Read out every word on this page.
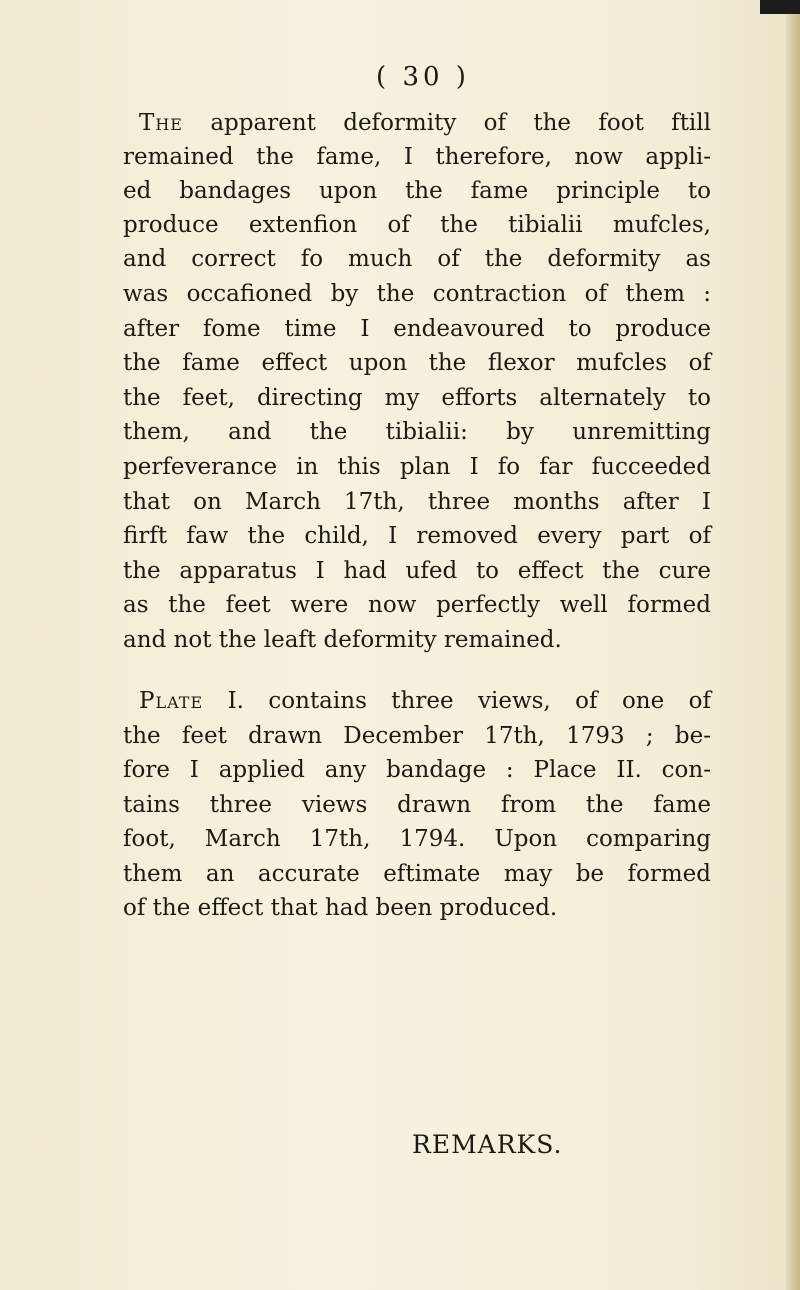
( 30 )
The apparent deformity of the foot ftill
remained the fame, I therefore, now appli-
ed bandages upon the fame principle to
produce extenfion of the tibialii mufcles,
and correct fo much of the deformity as
was occafioned by the contraction of them :
after fome time I endeavoured to produce
the fame effect upon the flexor mufcles of
the feet, directing my efforts alternately to
them, and the tibialii: by unremitting
perfeverance in this plan I fo far fucceeded
that on March 17th, three months after I
firft faw the child, I removed every part of
the apparatus I had ufed to effect the cure
as the feet were now perfectly well formed
and not the leaft deformity remained.
Plate I. contains three views, of one of
the feet drawn December 17th, 1793 ; be-
fore I applied any bandage : Place II. con-
tains three views drawn from the fame
foot, March 17th, 1794. Upon comparing
them an accurate eftimate may be formed
of the effect that had been produced.
REMARKS.
